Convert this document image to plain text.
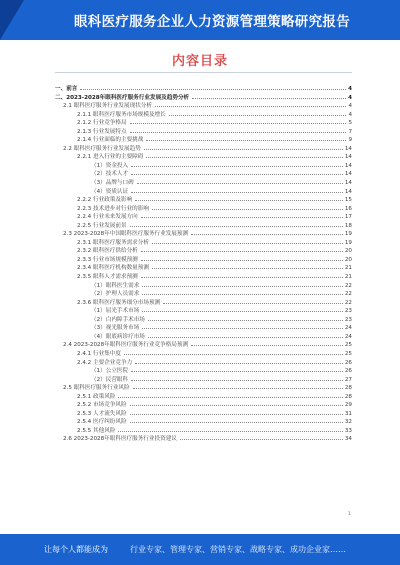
眼科医疗服务企业人力资源管理策略研究报告
内容目录
一、前言	4
二、2023-2028年眼科医疗服务行业发展及趋势分析	4
2.1 眼科医疗服务行业发展现状分析	4
2.1.1 眼科医疗服务市场规模及增长	4
2.1.2 行业竞争格局	5
2.1.3 行业发展特点	7
2.1.4 行业面临的主要挑战	9
2.2 眼科医疗服务行业发展趋势	14
2.2.1 进入行业的主要障碍	14
（1）资金投入	14
（2）技术人才	14
（3）品牌与口碑	14
（4）资质认证	14
2.2.2 行业政策及影响	15
2.2.3 技术进步对行业的影响	16
2.2.4 行业未来发展方向	17
2.2.5 行业发展前景	18
2.3 2023-2028年中国眼科医疗服务行业发展预测	19
2.3.1 眼科医疗服务需求分析	19
2.3.2 眼科医疗供给分析	20
2.3.3 行业市场规模预测	20
2.3.4 眼科医疗机构数量预测	21
2.3.5 眼科人才需求预测	21
（1）眼科医生需求	22
（2）护理人员需求	22
2.3.6 眼科医疗服务细分市场预测	22
（1）屈光手术市场	23
（2）白内障手术市场	23
（3）视光服务市场	24
（4）眼底病诊疗市场	24
2.4 2023-2028年眼科医疗服务行业竞争格局预测	25
2.4.1 行业集中度	25
2.4.2 主要企业竞争力	26
（1）公立医院	26
（2）民营眼科	27
2.5 眼科医疗服务行业风险	28
2.5.1 政策风险	28
2.5.2 市场竞争风险	29
2.5.3 人才流失风险	31
2.5.4 医疗纠纷风险	32
2.5.5 其他风险	33
2.6 2023-2028年眼科医疗服务行业投资建议	34
1
让每个人都能成为	行业专家、管理专家、营销专家、战略专家、成功企业家……
